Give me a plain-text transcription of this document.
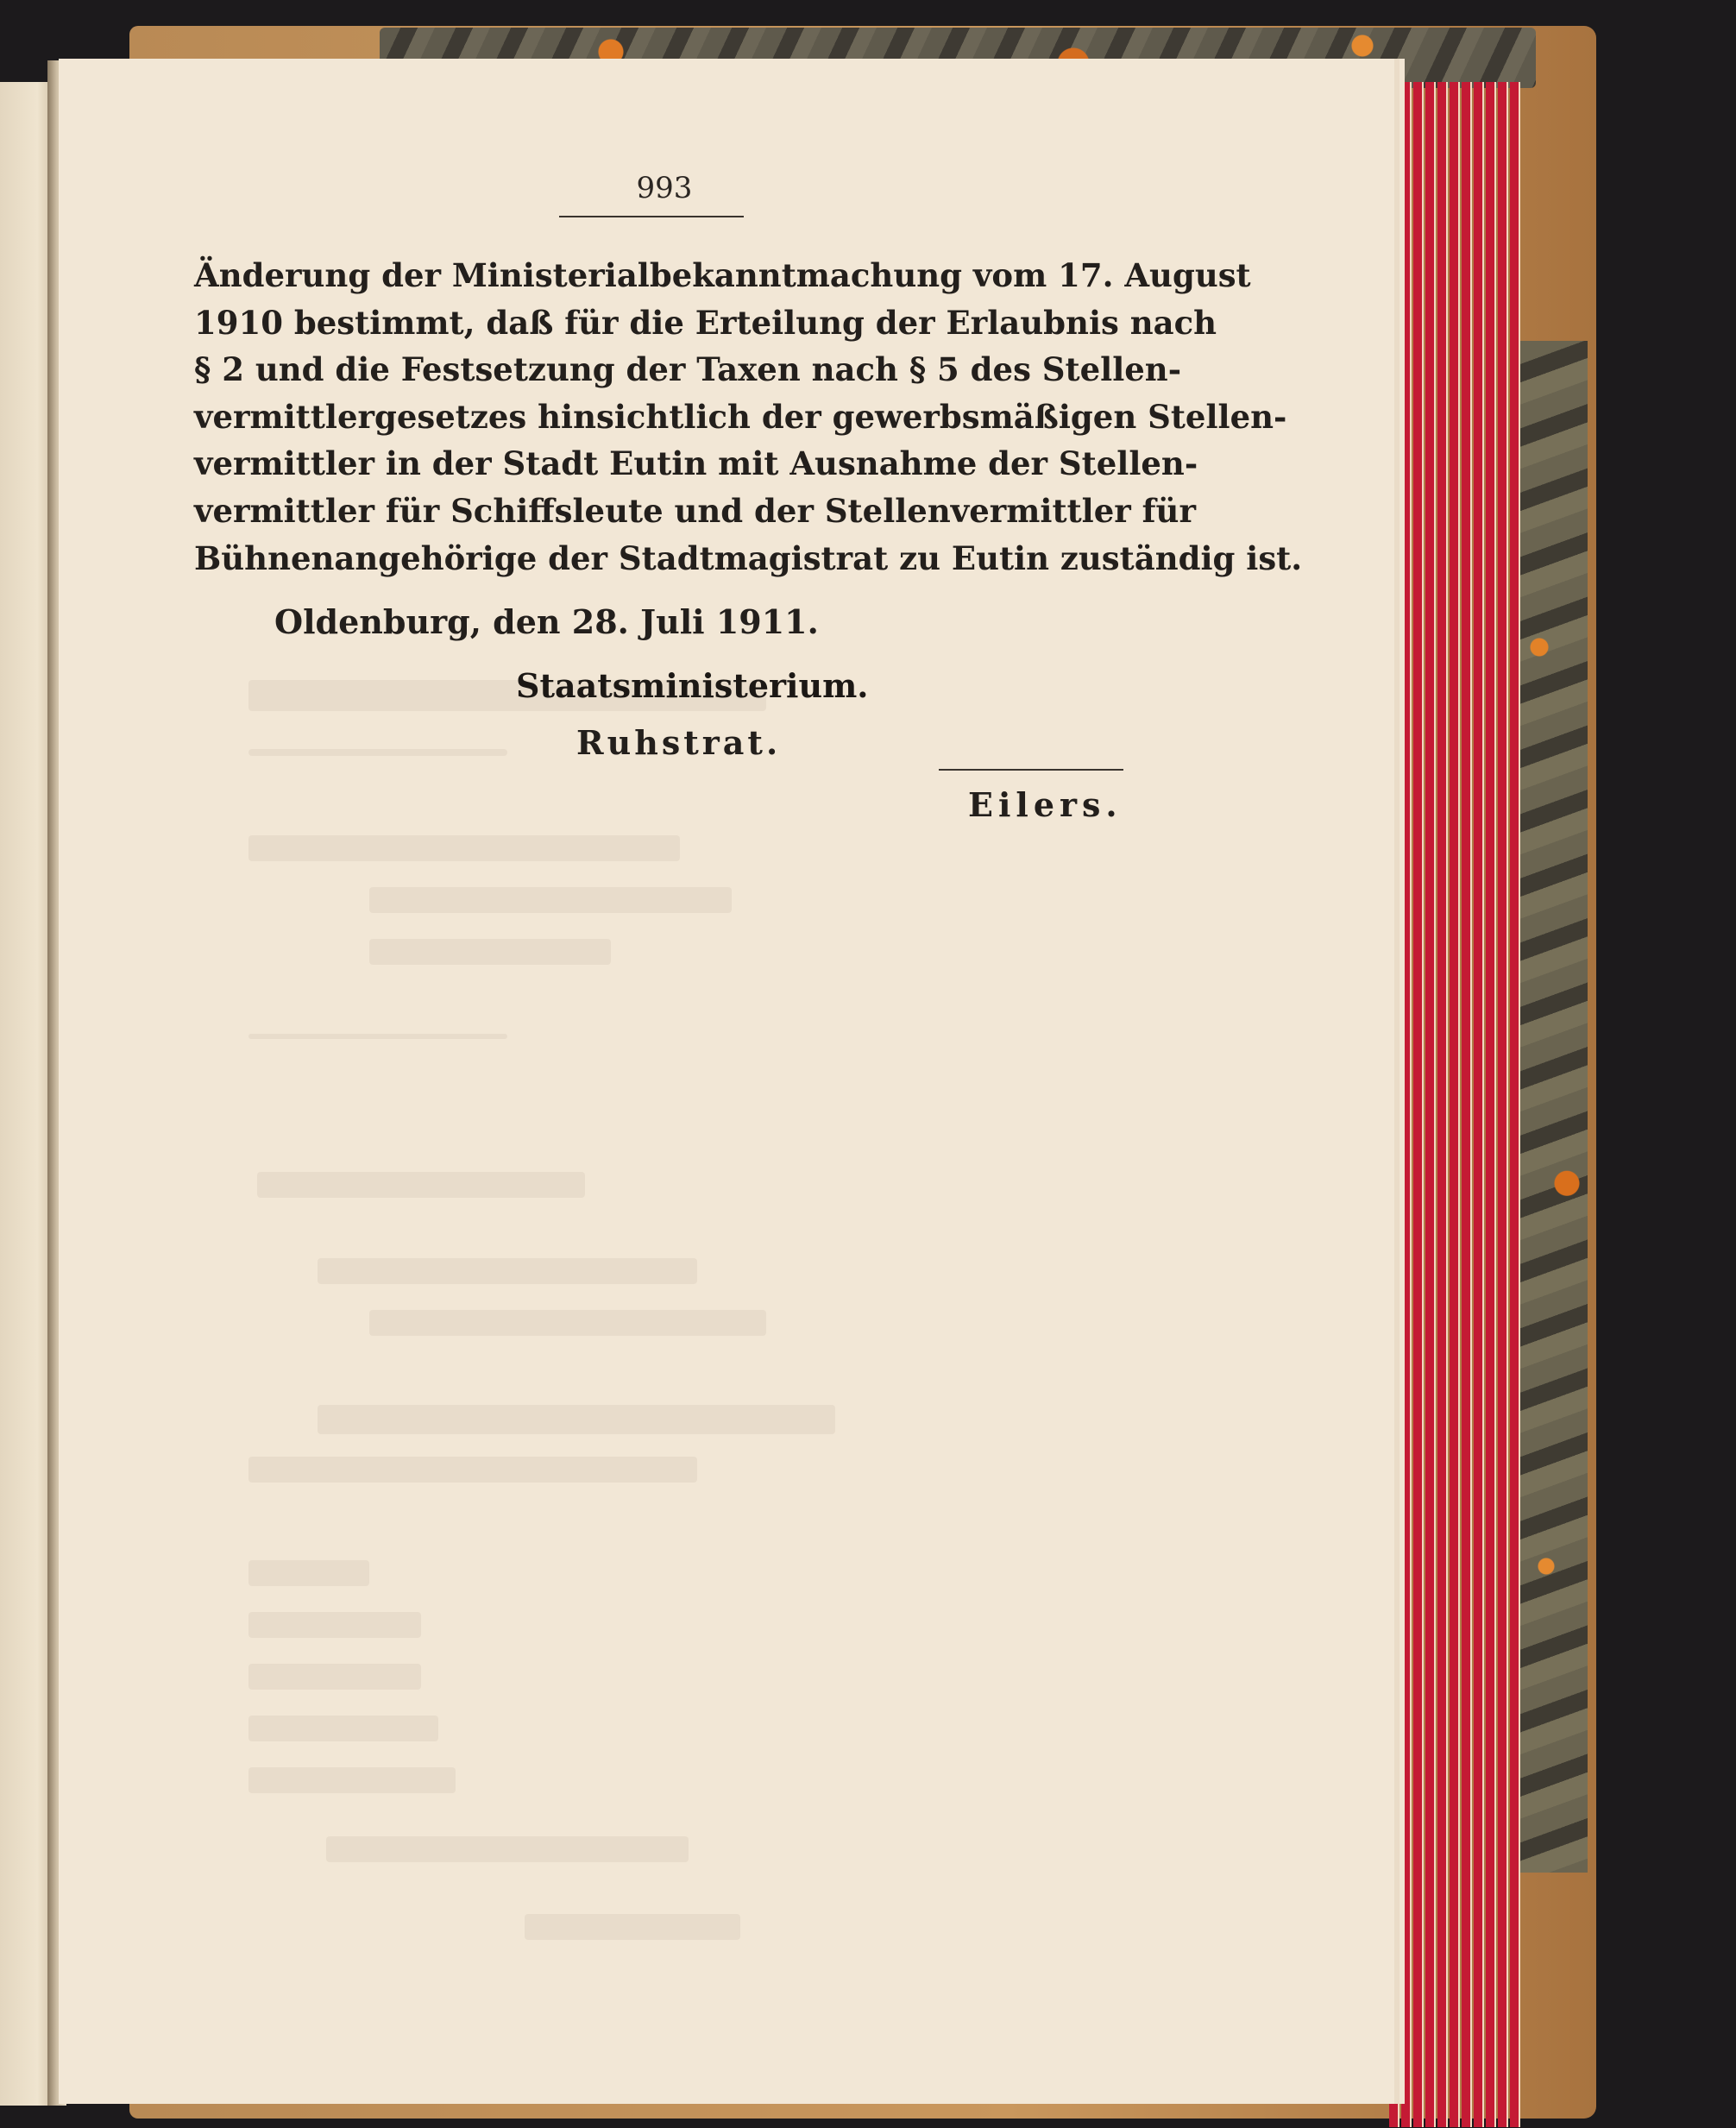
993
Änderung der Ministerialbekanntmachung vom 17. August
1910 bestimmt, daß für die Erteilung der Erlaubnis nach
§ 2 und die Festsetzung der Taxen nach § 5 des Stellen-
vermittlergesetzes hinsichtlich der gewerbsmäßigen Stellen-
vermittler in der Stadt Eutin mit Ausnahme der Stellen-
vermittler für Schiffsleute und der Stellenvermittler für
Bühnenangehörige der Stadtmagistrat zu Eutin zuständig ist.
Oldenburg, den 28. Juli 1911.
Staatsministerium.
Ruhstrat.
Eilers.
